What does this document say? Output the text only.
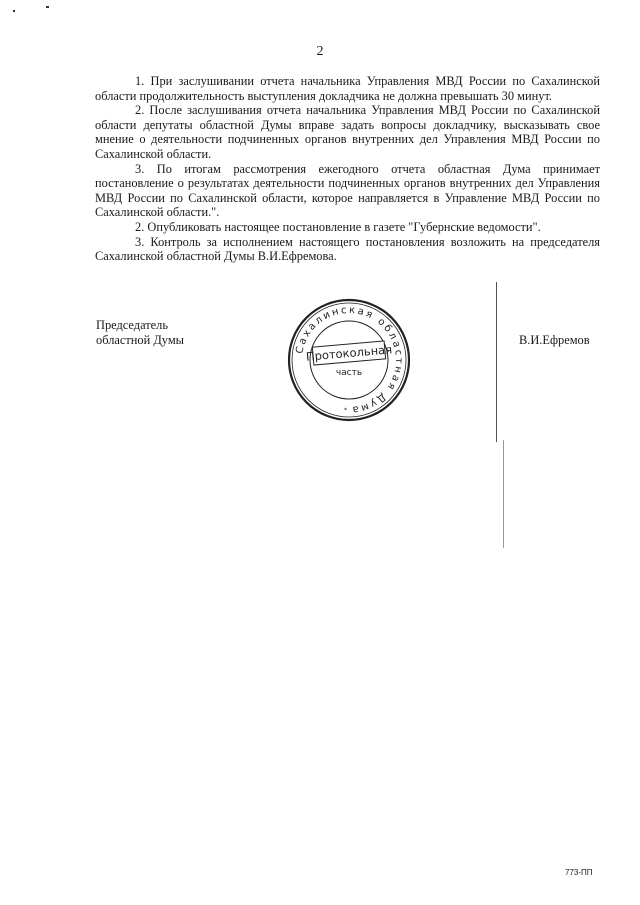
2

1. При заслушивании отчета начальника Управления МВД России по Сахалинской области продолжительность выступления докладчика не должна превышать 30 минут.

2. После заслушивания отчета начальника Управления МВД России по Сахалинской области депутаты областной Думы вправе задать вопросы докладчику, высказывать свое мнение о деятельности подчиненных органов внутренних дел Управления МВД России по Сахалинской области.

3. По итогам рассмотрения ежегодного отчета областная Дума принимает постановление о результатах деятельности подчиненных органов внутренних дел Управления МВД России по Сахалинской области, которое направляется в Управление МВД России по Сахалинской области.".

2. Опубликовать настоящее постановление в газете "Губернские ведомости".

3. Контроль за исполнением настоящего постановления возложить на председателя Сахалинской областной Думы В.И.Ефремова.

Председатель
областной Думы
Сахалинская областная Дума
Протокольная
часть
*
В.И.Ефремов
773-ПП
